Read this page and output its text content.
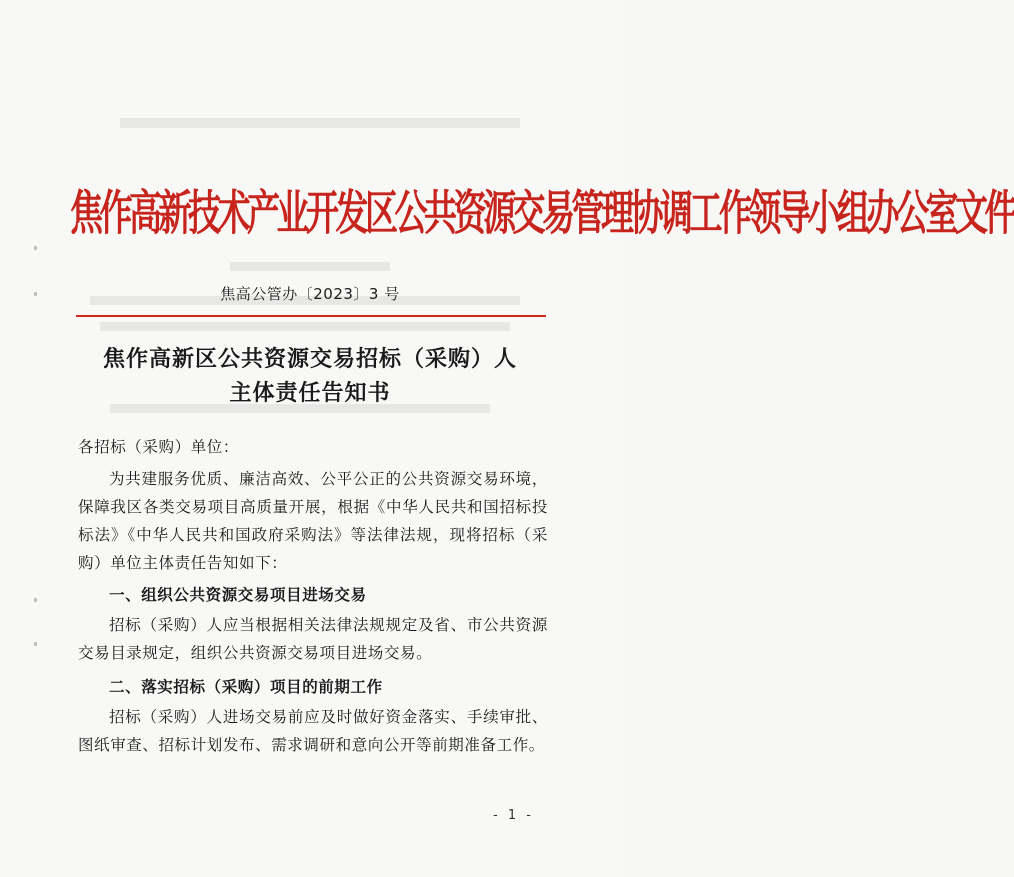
焦作高新技术产业开发区公共资源交易管理协调工作领导小组办公室文件
焦高公管办〔2023〕3 号
焦作高新区公共资源交易招标（采购）人
主体责任告知书
各招标（采购）单位：
为共建服务优质、廉洁高效、公平公正的公共资源交易环境，保障我区各类交易项目高质量开展，根据《中华人民共和国招标投标法》《中华人民共和国政府采购法》等法律法规，现将招标（采购）单位主体责任告知如下：
一、组织公共资源交易项目进场交易
招标（采购）人应当根据相关法律法规规定及省、市公共资源交易目录规定，组织公共资源交易项目进场交易。
二、落实招标（采购）项目的前期工作
招标（采购）人进场交易前应及时做好资金落实、手续审批、图纸审查、招标计划发布、需求调研和意向公开等前期准备工作。
- 1 -
